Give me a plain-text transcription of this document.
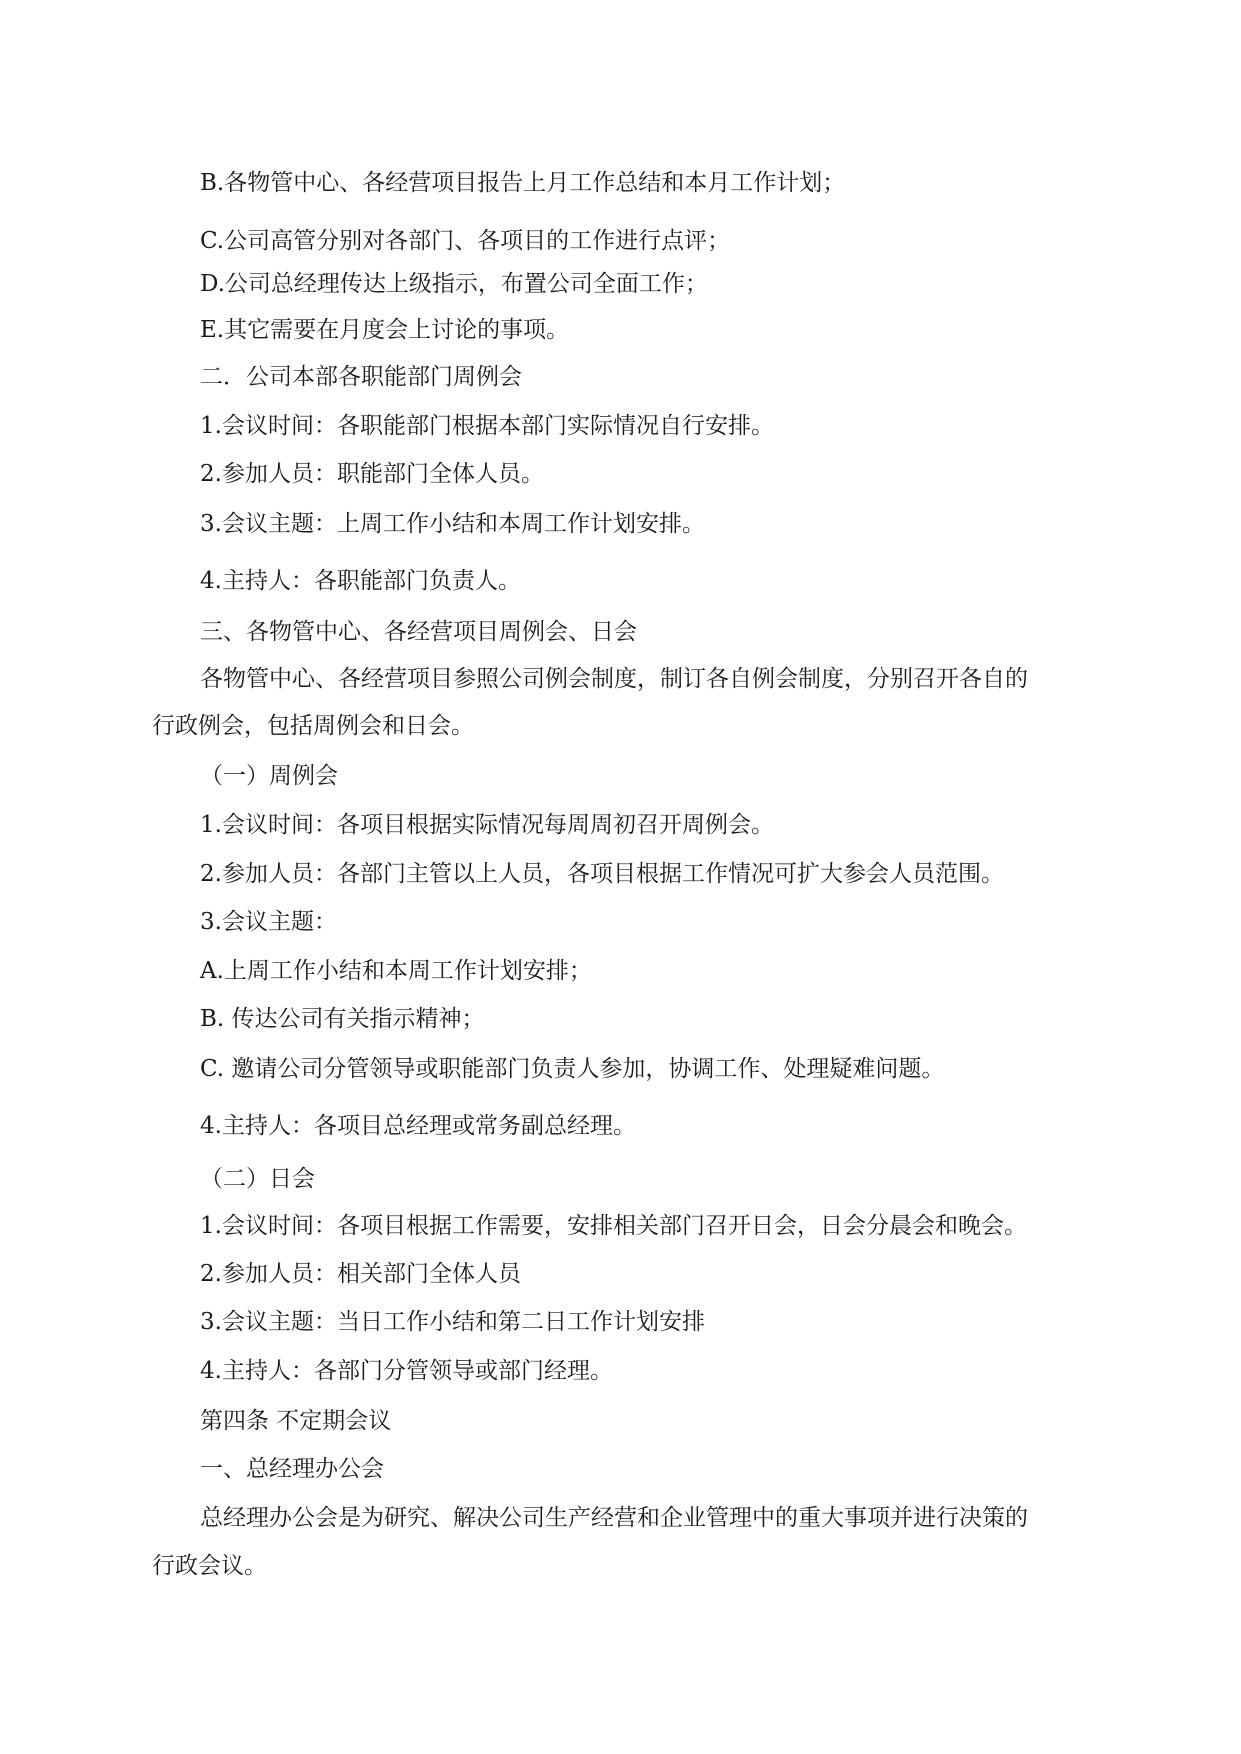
B.各物管中心、各经营项目报告上月工作总结和本月工作计划；

C.公司高管分别对各部门、各项目的工作进行点评；

D.公司总经理传达上级指示，布置公司全面工作；

E.其它需要在月度会上讨论的事项。

二．公司本部各职能部门周例会

1.会议时间：各职能部门根据本部门实际情况自行安排。

2.参加人员：职能部门全体人员。

3.会议主题：上周工作小结和本周工作计划安排。

4.主持人：各职能部门负责人。

三、各物管中心、各经营项目周例会、日会

各物管中心、各经营项目参照公司例会制度，制订各自例会制度，分别召开各自的

行政例会，包括周例会和日会。

（一）周例会

1.会议时间：各项目根据实际情况每周周初召开周例会。

2.参加人员：各部门主管以上人员，各项目根据工作情况可扩大参会人员范围。

3.会议主题：

A.上周工作小结和本周工作计划安排；

B. 传达公司有关指示精神；

C. 邀请公司分管领导或职能部门负责人参加，协调工作、处理疑难问题。

4.主持人：各项目总经理或常务副总经理。

（二）日会

1.会议时间：各项目根据工作需要，安排相关部门召开日会，日会分晨会和晚会。

2.参加人员：相关部门全体人员

3.会议主题：当日工作小结和第二日工作计划安排

4.主持人：各部门分管领导或部门经理。

第四条 不定期会议

一、总经理办公会

总经理办公会是为研究、解决公司生产经营和企业管理中的重大事项并进行决策的

行政会议。
